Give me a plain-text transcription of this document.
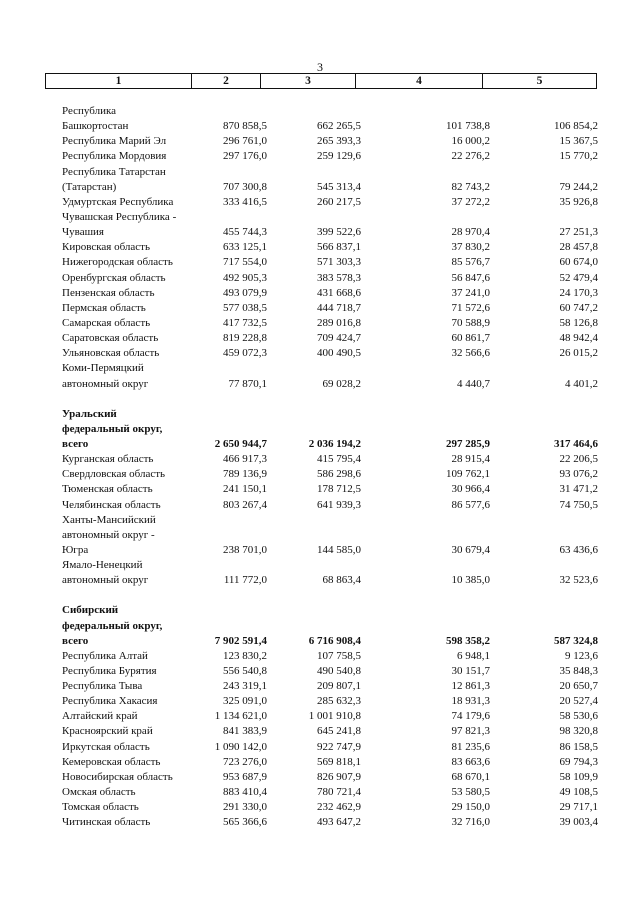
3
1	2	3	4	5
Республика
Башкортостан	870 858,5	662 265,5	101 738,8	106 854,2
Республика Марий Эл	296 761,0	265 393,3	16 000,2	15 367,5
Республика Мордовия	297 176,0	259 129,6	22 276,2	15 770,2
Республика Татарстан
(Татарстан)	707 300,8	545 313,4	82 743,2	79 244,2
Удмуртская Республика	333 416,5	260 217,5	37 272,2	35 926,8
Чувашская Республика -
Чувашия	455 744,3	399 522,6	28 970,4	27 251,3
Кировская область	633 125,1	566 837,1	37 830,2	28 457,8
Нижегородская область	717 554,0	571 303,3	85 576,7	60 674,0
Оренбургская область	492 905,3	383 578,3	56 847,6	52 479,4
Пензенская область	493 079,9	431 668,6	37 241,0	24 170,3
Пермская область	577 038,5	444 718,7	71 572,6	60 747,2
Самарская область	417 732,5	289 016,8	70 588,9	58 126,8
Саратовская область	819 228,8	709 424,7	60 861,7	48 942,4
Ульяновская область	459 072,3	400 490,5	32 566,6	26 015,2
Коми-Пермяцкий
автономный округ	77 870,1	69 028,2	4 440,7	4 401,2
Уральский
федеральный округ,
всего	2 650 944,7	2 036 194,2	297 285,9	317 464,6
Курганская область	466 917,3	415 795,4	28 915,4	22 206,5
Свердловская область	789 136,9	586 298,6	109 762,1	93 076,2
Тюменская область	241 150,1	178 712,5	30 966,4	31 471,2
Челябинская область	803 267,4	641 939,3	86 577,6	74 750,5
Ханты-Мансийский
автономный округ -
Югра	238 701,0	144 585,0	30 679,4	63 436,6
Ямало-Ненецкий
автономный округ	111 772,0	68 863,4	10 385,0	32 523,6
Сибирский
федеральный округ,
всего	7 902 591,4	6 716 908,4	598 358,2	587 324,8
Республика Алтай	123 830,2	107 758,5	6 948,1	9 123,6
Республика Бурятия	556 540,8	490 540,8	30 151,7	35 848,3
Республика Тыва	243 319,1	209 807,1	12 861,3	20 650,7
Республика Хакасия	325 091,0	285 632,3	18 931,3	20 527,4
Алтайский край	1 134 621,0	1 001 910,8	74 179,6	58 530,6
Красноярский край	841 383,9	645 241,8	97 821,3	98 320,8
Иркутская область	1 090 142,0	922 747,9	81 235,6	86 158,5
Кемеровская область	723 276,0	569 818,1	83 663,6	69 794,3
Новосибирская область	953 687,9	826 907,9	68 670,1	58 109,9
Омская область	883 410,4	780 721,4	53 580,5	49 108,5
Томская область	291 330,0	232 462,9	29 150,0	29 717,1
Читинская область	565 366,6	493 647,2	32 716,0	39 003,4
